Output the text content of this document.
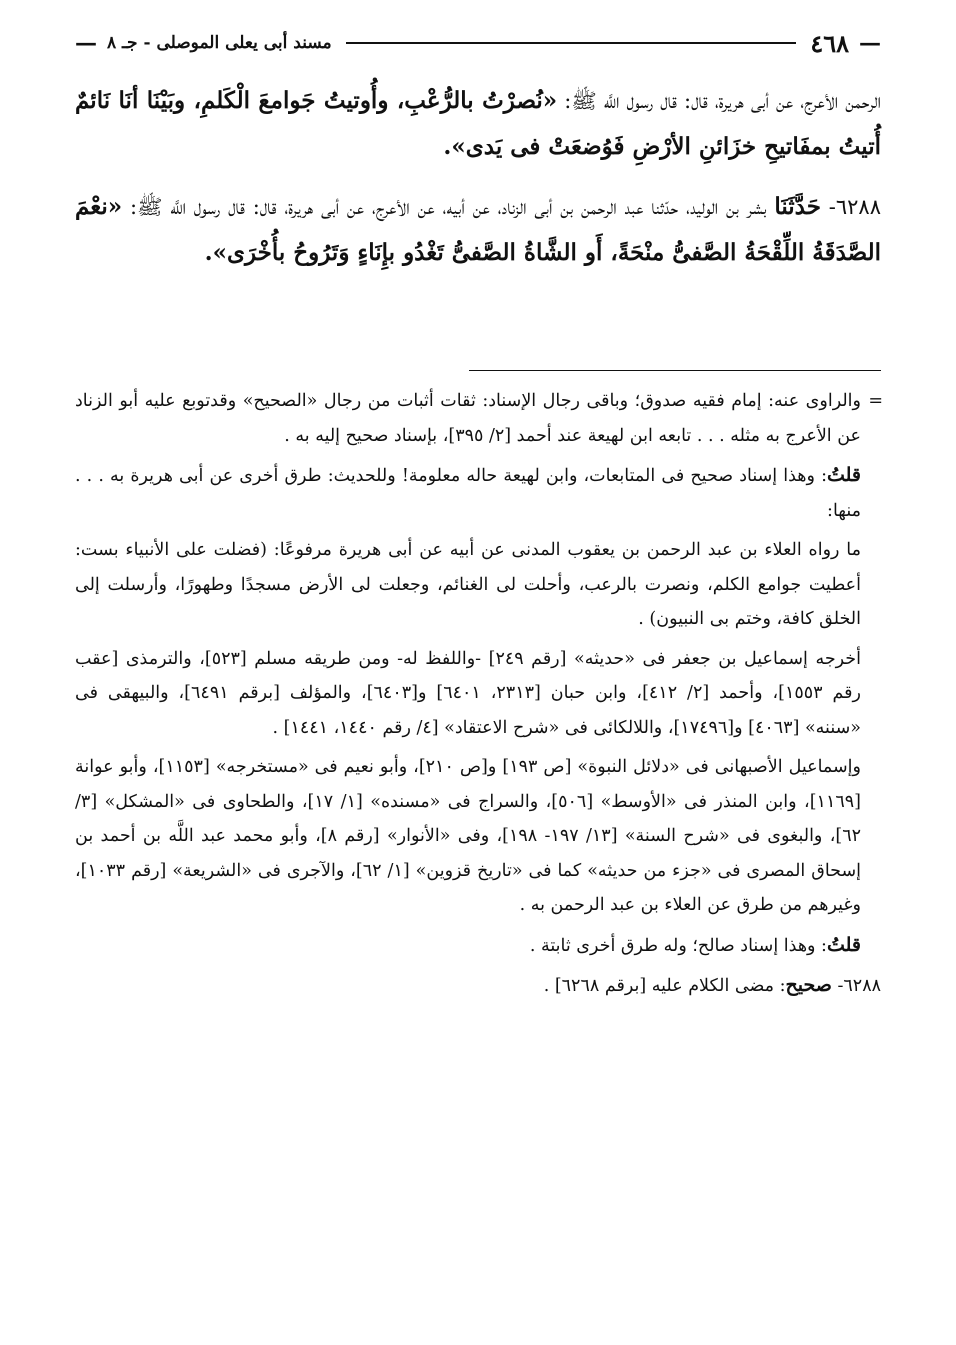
—
٤٦٨
مسند أبى يعلى الموصلى - جـ ٨
—

الرحمن الأعرج، عن أبى هريرة، قال: قال رسول اللَّه ﷺ: «نُصرْتُ بالرُّعْبِ، وأُوتيتُ جَوامعَ الْكَلمِ، وبَيْنَا أنَا نَائمٌ أُتيتُ بمفَاتيحِ خزَائنِ الأرْضِ فَوُضعَتْ فى يَدى».

٦٢٨٨- حَدَّثَنَا بشر بن الوليد، حدّثنا عبد الرحمن بن أبى الزناد، عن أبيه، عن الأعرج، عن أبى هريرة، قال: قال رسول اللَّه ﷺ: «نعْمَ الصَّدَقَةُ اللِّقْحَةُ الصَّفىُّ منْحَةً، أَو الشَّاةُ الصَّفىُّ تَغْدُو بإِنَاءٍ وَتَرُوحُ بأُخْرَى».

=
والراوى عنه: إمام فقيه صدوق؛ وباقى رجال الإسناد: ثقات أثبات من رجال «الصحيح» وقدتوبع عليه أبو الزناد عن الأعرج به مثله . . . تابعه ابن لهيعة عند أحمد [٢/ ٣٩٥]، بإسناد صحيح إليه به .

قلتُ: وهذا إسناد صحيح فى المتابعات، وابن لهيعة حاله معلومة! وللحديث: طرق أخرى عن أبى هريرة به . . . منها:

ما رواه العلاء بن عبد الرحمن بن يعقوب المدنى عن أبيه عن أبى هريرة مرفوعًا: (فضلت على الأنبياء بست: أعطيت جوامع الكلم، ونصرت بالرعب، وأحلت لى الغنائم، وجعلت لى الأرض مسجدًا وطهورًا، وأرسلت إلى الخلق كافة، وختم بى النبيون) .

أخرجه إسماعيل بن جعفر فى «حديثه» [رقم ٢٤٩] -واللفظ له- ومن طريقه مسلم [٥٢٣]، والترمذى [عقب رقم ١٥٥٣]، وأحمد [٢/ ٤١٢]، وابن حبان [٢٣١٣، ٦٤٠١] و[٦٤٠٣]، والمؤلف [برقم ٦٤٩١]، والبيهقى فى «سننه» [٤٠٦٣] و[١٧٤٩٦]، واللالكائى فى «شرح الاعتقاد» [٤/ رقم ١٤٤٠، ١٤٤١] .

وإسماعيل الأصبهانى فى «دلائل النبوة» [ص ١٩٣] و[ص ٢١٠]، وأبو نعيم فى «مستخرجه» [١١٥٣]، وأبو عوانة [١١٦٩]، وابن المنذر فى «الأوسط» [٥٠٦]، والسراج فى «مسنده» [١/ ١٧]، والطحاوى فى «المشكل» [٣/ ٦٢]، والبغوى فى «شرح السنة» [١٣/ ١٩٧- ١٩٨]، وفى «الأنوار» [رقم ٨]، وأبو محمد عبد اللَّه بن أحمد بن إسحاق المصرى فى «جزء من حديثه» كما فى «تاريخ قزوين» [١/ ٦٢]، والآجرى فى «الشريعة» [رقم ١٠٣٣]، وغيرهم من طرق عن العلاء بن عبد الرحمن به .

قلتُ: وهذا إسناد صالح؛ وله طرق أخرى ثابتة .

٦٢٨٨- صحيح: مضى الكلام عليه [برقم ٦٢٦٨] .
